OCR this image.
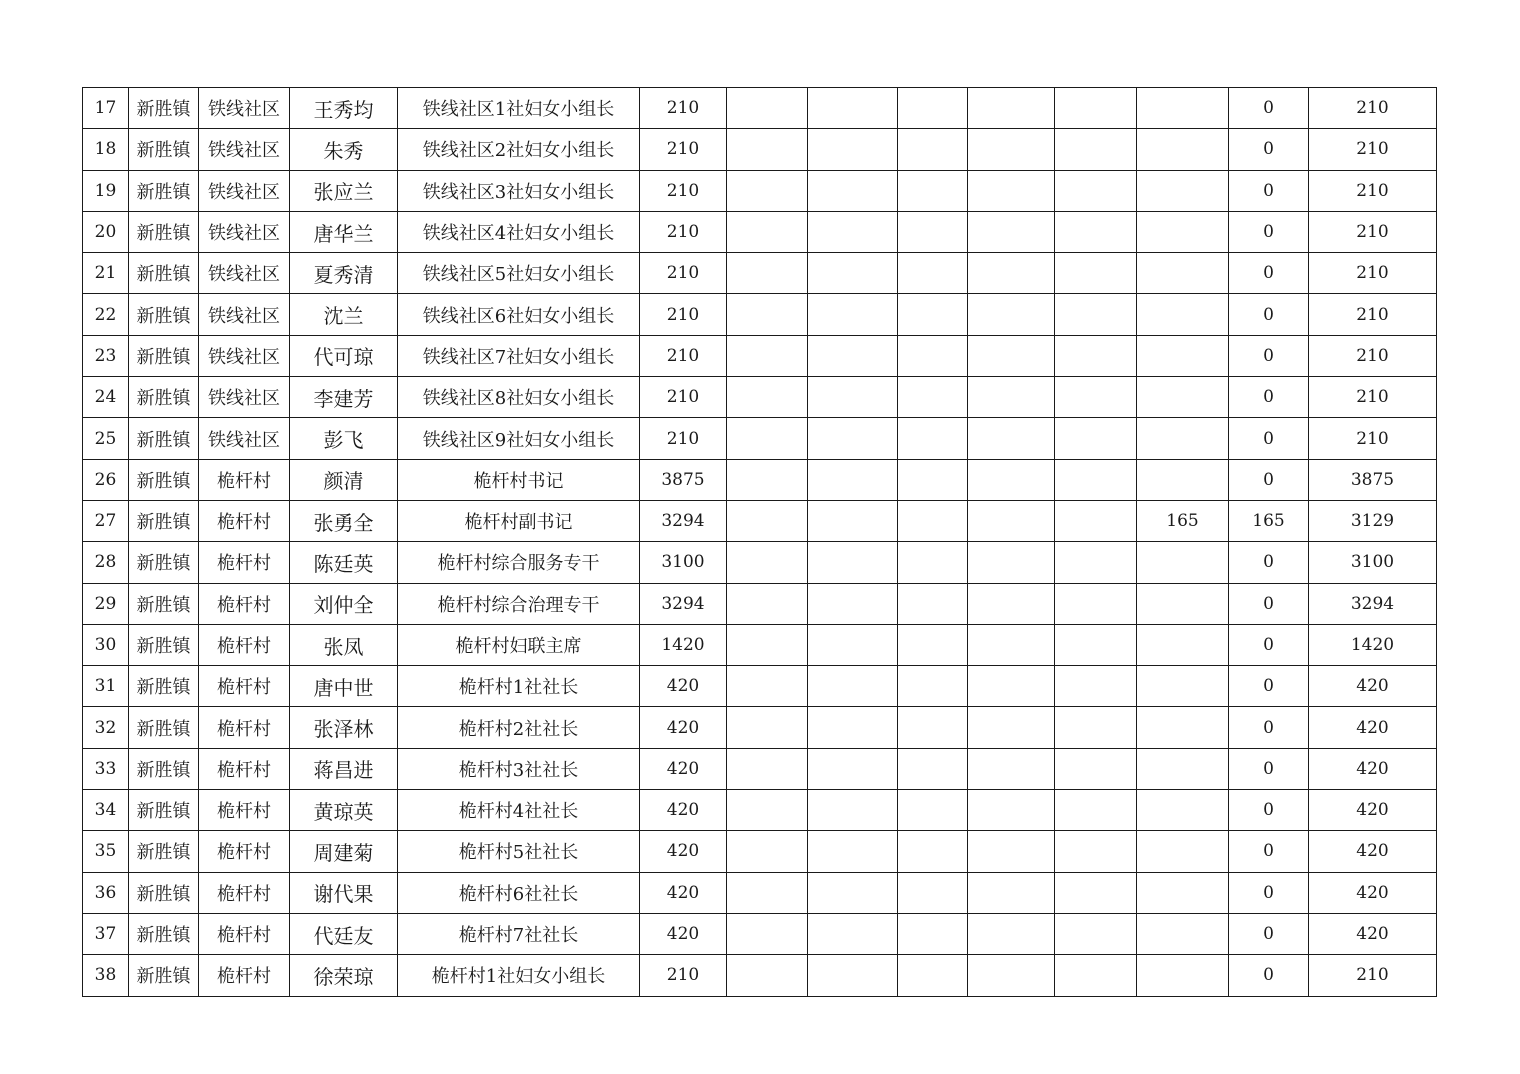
17	新胜镇	铁线社区	王秀均	铁线社区1社妇女小组长	210							0	210
18	新胜镇	铁线社区	朱秀	铁线社区2社妇女小组长	210							0	210
19	新胜镇	铁线社区	张应兰	铁线社区3社妇女小组长	210							0	210
20	新胜镇	铁线社区	唐华兰	铁线社区4社妇女小组长	210							0	210
21	新胜镇	铁线社区	夏秀清	铁线社区5社妇女小组长	210							0	210
22	新胜镇	铁线社区	沈兰	铁线社区6社妇女小组长	210							0	210
23	新胜镇	铁线社区	代可琼	铁线社区7社妇女小组长	210							0	210
24	新胜镇	铁线社区	李建芳	铁线社区8社妇女小组长	210							0	210
25	新胜镇	铁线社区	彭飞	铁线社区9社妇女小组长	210							0	210
26	新胜镇	桅杆村	颜清	桅杆村书记	3875							0	3875
27	新胜镇	桅杆村	张勇全	桅杆村副书记	3294						165	165	3129
28	新胜镇	桅杆村	陈廷英	桅杆村综合服务专干	3100							0	3100
29	新胜镇	桅杆村	刘仲全	桅杆村综合治理专干	3294							0	3294
30	新胜镇	桅杆村	张凤	桅杆村妇联主席	1420							0	1420
31	新胜镇	桅杆村	唐中世	桅杆村1社社长	420							0	420
32	新胜镇	桅杆村	张泽林	桅杆村2社社长	420							0	420
33	新胜镇	桅杆村	蒋昌进	桅杆村3社社长	420							0	420
34	新胜镇	桅杆村	黄琼英	桅杆村4社社长	420							0	420
35	新胜镇	桅杆村	周建菊	桅杆村5社社长	420							0	420
36	新胜镇	桅杆村	谢代果	桅杆村6社社长	420							0	420
37	新胜镇	桅杆村	代廷友	桅杆村7社社长	420							0	420
38	新胜镇	桅杆村	徐荣琼	桅杆村1社妇女小组长	210							0	210
